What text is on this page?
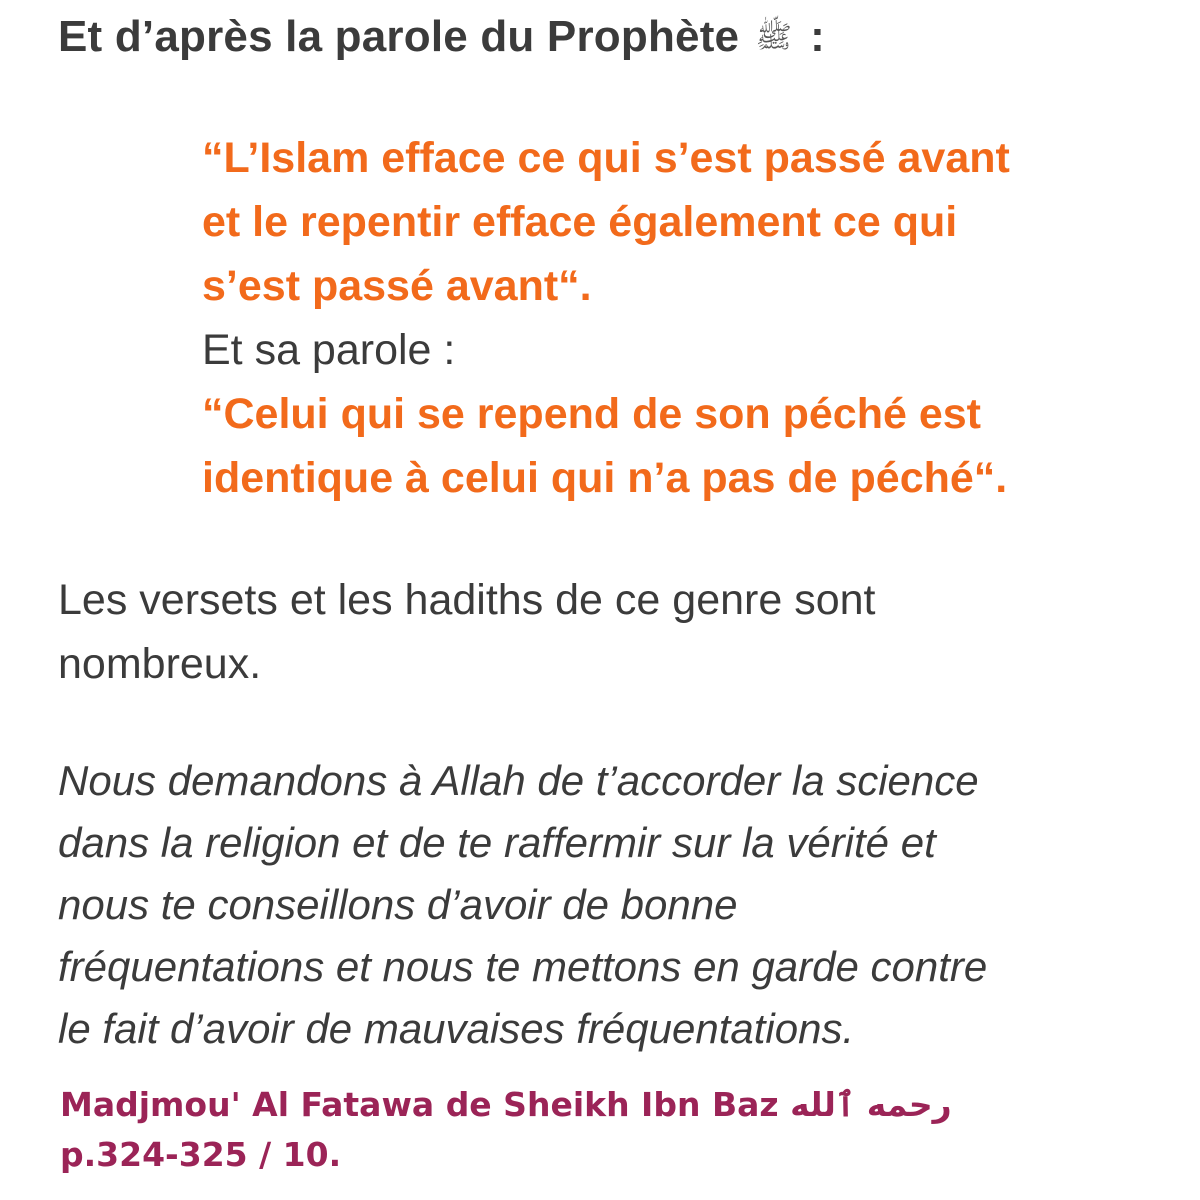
Et d’après la parole du Prophète ﷺ :
“L’Islam efface ce qui s’est passé avant
et le repentir efface également ce qui
s’est passé avant“.
Et sa parole :
“Celui qui se repend de son péché est
identique à celui qui n’a pas de péché“.
Les versets et les hadiths de ce genre sont
nombreux.
Nous demandons à Allah de t’accorder la science
dans la religion et de te raffermir sur la vérité et
nous te conseillons d’avoir de bonne
fréquentations et nous te mettons en garde contre
le fait d’avoir de mauvaises fréquentations.
Madjmou' Al Fatawa de Sheikh Ibn Baz رحمه ٱلله
p.324-325 / 10.
